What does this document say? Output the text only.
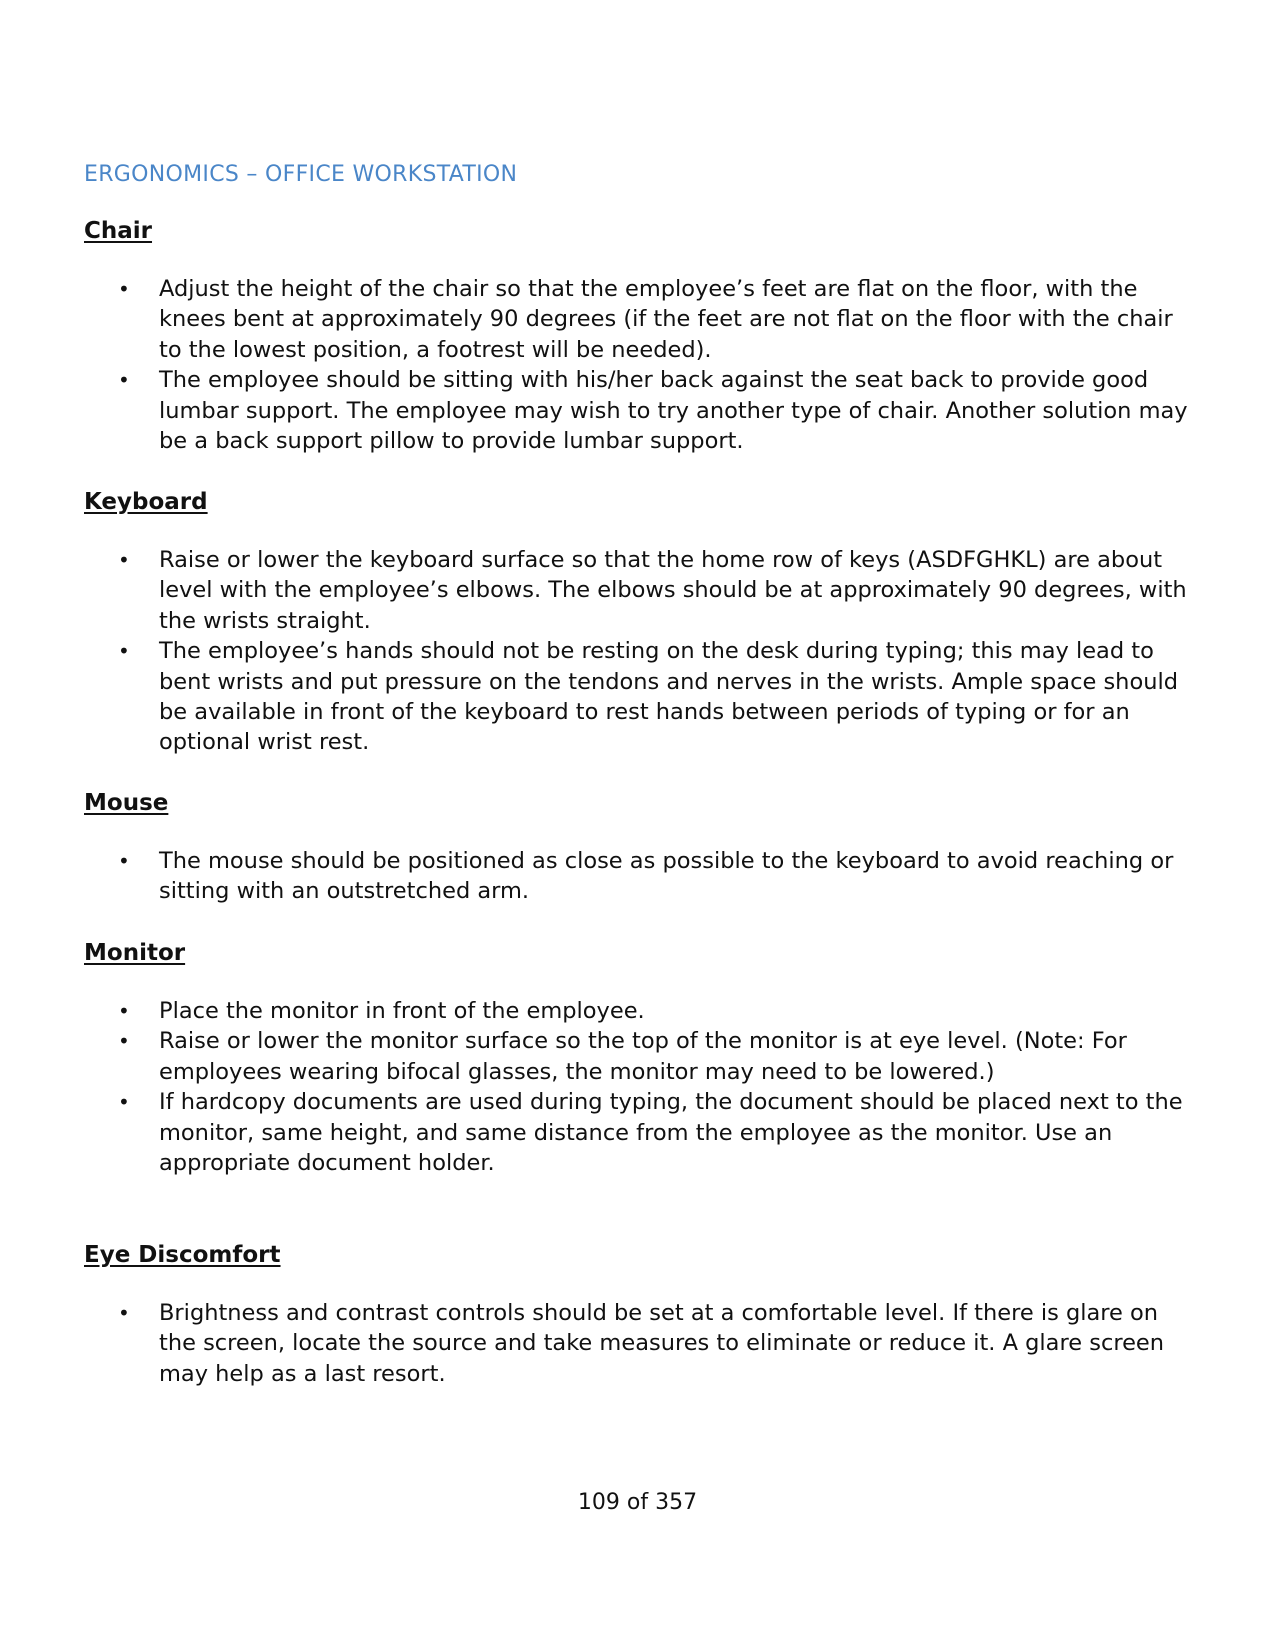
ERGONOMICS – OFFICE WORKSTATION
Chair
• Adjust the height of the chair so that the employee’s feet are flat on the floor, with the knees bent at approximately 90 degrees (if the feet are not flat on the floor with the chair to the lowest position, a footrest will be needed).
• The employee should be sitting with his/her back against the seat back to provide good lumbar support. The employee may wish to try another type of chair. Another solution may be a back support pillow to provide lumbar support.
Keyboard
• Raise or lower the keyboard surface so that the home row of keys (ASDFGHKL) are about level with the employee’s elbows. The elbows should be at approximately 90 degrees, with the wrists straight.
• The employee’s hands should not be resting on the desk during typing; this may lead to bent wrists and put pressure on the tendons and nerves in the wrists. Ample space should be available in front of the keyboard to rest hands between periods of typing or for an optional wrist rest.
Mouse
• The mouse should be positioned as close as possible to the keyboard to avoid reaching or sitting with an outstretched arm.
Monitor
• Place the monitor in front of the employee.
• Raise or lower the monitor surface so the top of the monitor is at eye level. (Note: For employees wearing bifocal glasses, the monitor may need to be lowered.)
• If hardcopy documents are used during typing, the document should be placed next to the monitor, same height, and same distance from the employee as the monitor. Use an appropriate document holder.
Eye Discomfort
• Brightness and contrast controls should be set at a comfortable level. If there is glare on the screen, locate the source and take measures to eliminate or reduce it. A glare screen may help as a last resort.
109 of 357
